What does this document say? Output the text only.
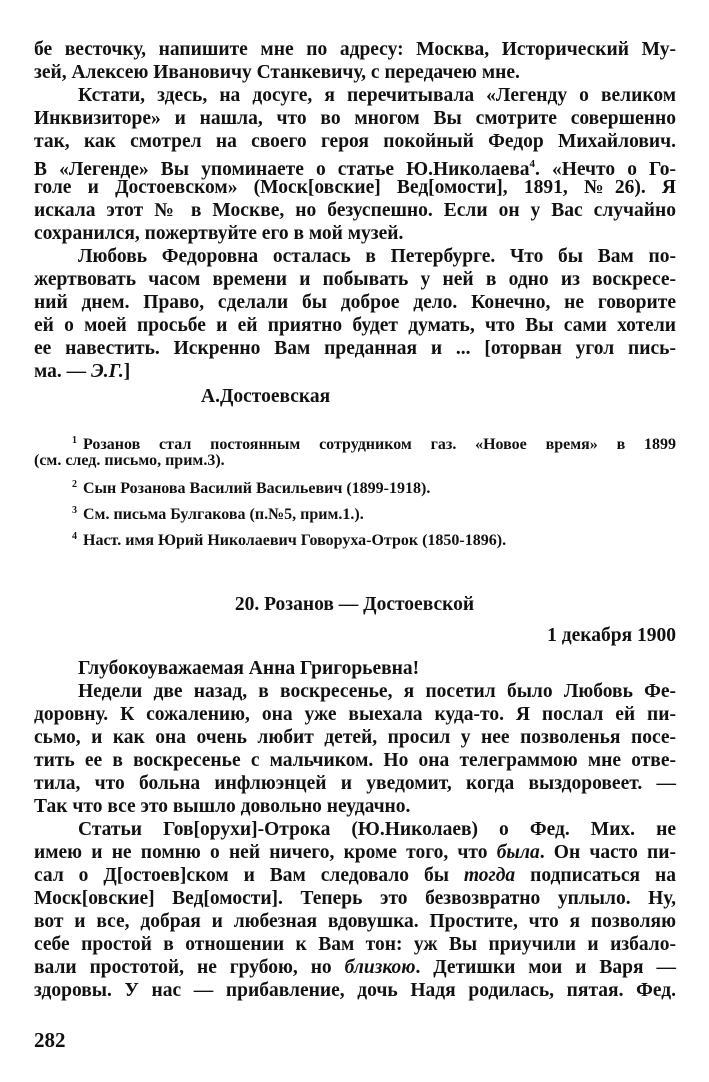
бе весточку, напишите мне по адресу: Москва, Исторический Му-
зей, Алексею Ивановичу Станкевичу, с передачею мне.
Кстати, здесь, на досуге, я перечитывала «Легенду о великом
Инквизиторе» и нашла, что во многом Вы смотрите совершенно
так, как смотрел на своего героя покойный Федор Михайлович.
В «Легенде» Вы упоминаете о статье Ю.Николаева$^4$. «Нечто о Го-
голе и Достоевском» (Моск[овские] Вед[омости], 1891, №26). Я
искала этот № в Москве, но безуспешно. Если он у Вас случайно
сохранился, пожертвуйте его в мой музей.
Любовь Федоровна осталась в Петербурге. Что бы Вам по-
жертвовать часом времени и побывать у ней в одно из воскресе-
ний днем. Право, сделали бы доброе дело. Конечно, не говорите
ей о моей просьбе и ей приятно будет думать, что Вы сами хотели
ее навестить. Искренно Вам преданная и ... [оторван угол пись-
ма. — Э.Г.]
А.Достоевская
$^1$ Розанов стал постоянным сотрудником газ. «Новое время» в 1899
(см. след. письмо, прим.3).
$^2$ Сын Розанова Василий Васильевич (1899-1918).
$^3$ См. письма Булгакова (п.№5, прим.1.).
$^4$ Наст. имя Юрий Николаевич Говоруха-Отрок (1850-1896).
20. Розанов — Достоевской
1 декабря 1900
Глубокоуважаемая Анна Григорьевна!
Недели две назад, в воскресенье, я посетил было Любовь Фе-
доровну. К сожалению, она уже выехала куда-то. Я послал ей пи-
сьмо, и как она очень любит детей, просил у нее позволенья посе-
тить ее в воскресенье с мальчиком. Но она телеграммою мне отве-
тила, что больна инфлюэнцей и уведомит, когда выздоровеет. —
Так что все это вышло довольно неудачно.
Статьи Гов[орухи]-Отрока (Ю.Николаев) о Фед. Мих. не
имею и не помню о ней ничего, кроме того, что была. Он часто пи-
сал о Д[остоев]ском и Вам следовало бы тогда подписаться на
Моск[овские] Вед[омости]. Теперь это безвозвратно уплыло. Ну,
вот и все, добрая и любезная вдовушка. Простите, что я позволяю
себе простой в отношении к Вам тон: уж Вы приучили и избало-
вали простотой, не грубою, но близкою. Детишки мои и Варя —
здоровы. У нас — прибавление, дочь Надя родилась, пятая. Фед.
282
